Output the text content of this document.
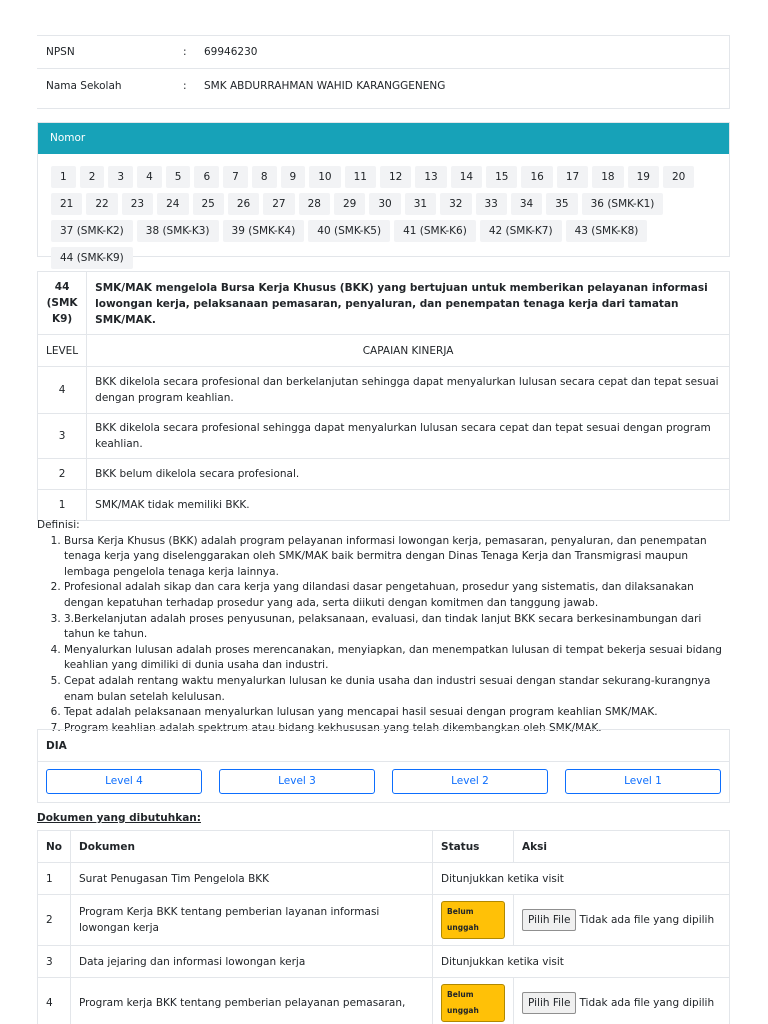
NPSN	:	69946230
Nama Sekolah	:	SMK ABDURRAHMAN WAHID KARANGGENENG
Nomor
1	2	3	4	5	6	7	8	9	10	11	12	13	14	15	16	17	18	19	20
21	22	23	24	25	26	27	28	29	30	31	32	33	34	35	36 (SMK-K1)
37 (SMK-K2)	38 (SMK-K3)	39 (SMK-K4)	40 (SMK-K5)	41 (SMK-K6)	42 (SMK-K7)	43 (SMK-K8)
44 (SMK-K9)
44
(SMK
K9)	SMK/MAK mengelola Bursa Kerja Khusus (BKK) yang bertujuan untuk memberikan pelayanan informasi lowongan kerja, pelaksanaan pemasaran, penyaluran, dan penempatan tenaga kerja dari tamatan SMK/MAK.
LEVEL	CAPAIAN KINERJA
4	BKK dikelola secara profesional dan berkelanjutan sehingga dapat menyalurkan lulusan secara cepat dan tepat sesuai dengan program keahlian.
3	BKK dikelola secara profesional sehingga dapat menyalurkan lulusan secara cepat dan tepat sesuai dengan program keahlian.
2	BKK belum dikelola secara profesional.
1	SMK/MAK tidak memiliki BKK.
Definisi:
1. Bursa Kerja Khusus (BKK) adalah program pelayanan informasi lowongan kerja, pemasaran, penyaluran, dan penempatan tenaga kerja yang diselenggarakan oleh SMK/MAK baik bermitra dengan Dinas Tenaga Kerja dan Transmigrasi maupun lembaga pengelola tenaga kerja lainnya.
2. Profesional adalah sikap dan cara kerja yang dilandasi dasar pengetahuan, prosedur yang sistematis, dan dilaksanakan dengan kepatuhan terhadap prosedur yang ada, serta diikuti dengan komitmen dan tanggung jawab.
3. 3.Berkelanjutan adalah proses penyusunan, pelaksanaan, evaluasi, dan tindak lanjut BKK secara berkesinambungan dari tahun ke tahun.
4. Menyalurkan lulusan adalah proses merencanakan, menyiapkan, dan menempatkan lulusan di tempat bekerja sesuai bidang keahlian yang dimiliki di dunia usaha dan industri.
5. Cepat adalah rentang waktu menyalurkan lulusan ke dunia usaha dan industri sesuai dengan standar sekurang-kurangnya enam bulan setelah kelulusan.
6. Tepat adalah pelaksanaan menyalurkan lulusan yang mencapai hasil sesuai dengan program keahlian SMK/MAK.
7. Program keahlian adalah spektrum atau bidang kekhususan yang telah dikembangkan oleh SMK/MAK.
DIA
Level 4	Level 3	Level 2	Level 1
Dokumen yang dibutuhkan:
No	Dokumen	Status	Aksi
1	Surat Penugasan Tim Pengelola BKK	Ditunjukkan ketika visit	
2	Program Kerja BKK tentang pemberian layanan informasi lowongan kerja	Belum unggah	Pilih File Tidak ada file yang dipilih
3	Data jejaring dan informasi lowongan kerja	Ditunjukkan ketika visit	
4	Program kerja BKK tentang pemberian pelayanan pemasaran,	Belum unggah	Pilih File Tidak ada file yang dipilih
